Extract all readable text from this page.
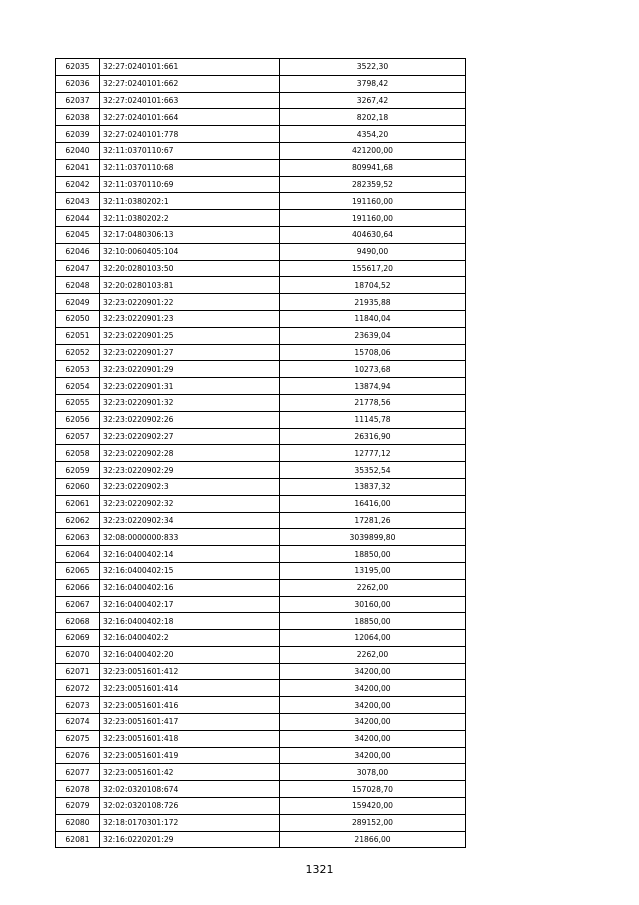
62035	32:27:0240101:661	3522,30
62036	32:27:0240101:662	3798,42
62037	32:27:0240101:663	3267,42
62038	32:27:0240101:664	8202,18
62039	32:27:0240101:778	4354,20
62040	32:11:0370110:67	421200,00
62041	32:11:0370110:68	809941,68
62042	32:11:0370110:69	282359,52
62043	32:11:0380202:1	191160,00
62044	32:11:0380202:2	191160,00
62045	32:17:0480306:13	404630,64
62046	32:10:0060405:104	9490,00
62047	32:20:0280103:50	155617,20
62048	32:20:0280103:81	18704,52
62049	32:23:0220901:22	21935,88
62050	32:23:0220901:23	11840,04
62051	32:23:0220901:25	23639,04
62052	32:23:0220901:27	15708,06
62053	32:23:0220901:29	10273,68
62054	32:23:0220901:31	13874,94
62055	32:23:0220901:32	21778,56
62056	32:23:0220902:26	11145,78
62057	32:23:0220902:27	26316,90
62058	32:23:0220902:28	12777,12
62059	32:23:0220902:29	35352,54
62060	32:23:0220902:3	13837,32
62061	32:23:0220902:32	16416,00
62062	32:23:0220902:34	17281,26
62063	32:08:0000000:833	3039899,80
62064	32:16:0400402:14	18850,00
62065	32:16:0400402:15	13195,00
62066	32:16:0400402:16	2262,00
62067	32:16:0400402:17	30160,00
62068	32:16:0400402:18	18850,00
62069	32:16:0400402:2	12064,00
62070	32:16:0400402:20	2262,00
62071	32:23:0051601:412	34200,00
62072	32:23:0051601:414	34200,00
62073	32:23:0051601:416	34200,00
62074	32:23:0051601:417	34200,00
62075	32:23:0051601:418	34200,00
62076	32:23:0051601:419	34200,00
62077	32:23:0051601:42	3078,00
62078	32:02:0320108:674	157028,70
62079	32:02:0320108:726	159420,00
62080	32:18:0170301:172	289152,00
62081	32:16:0220201:29	21866,00
1321
